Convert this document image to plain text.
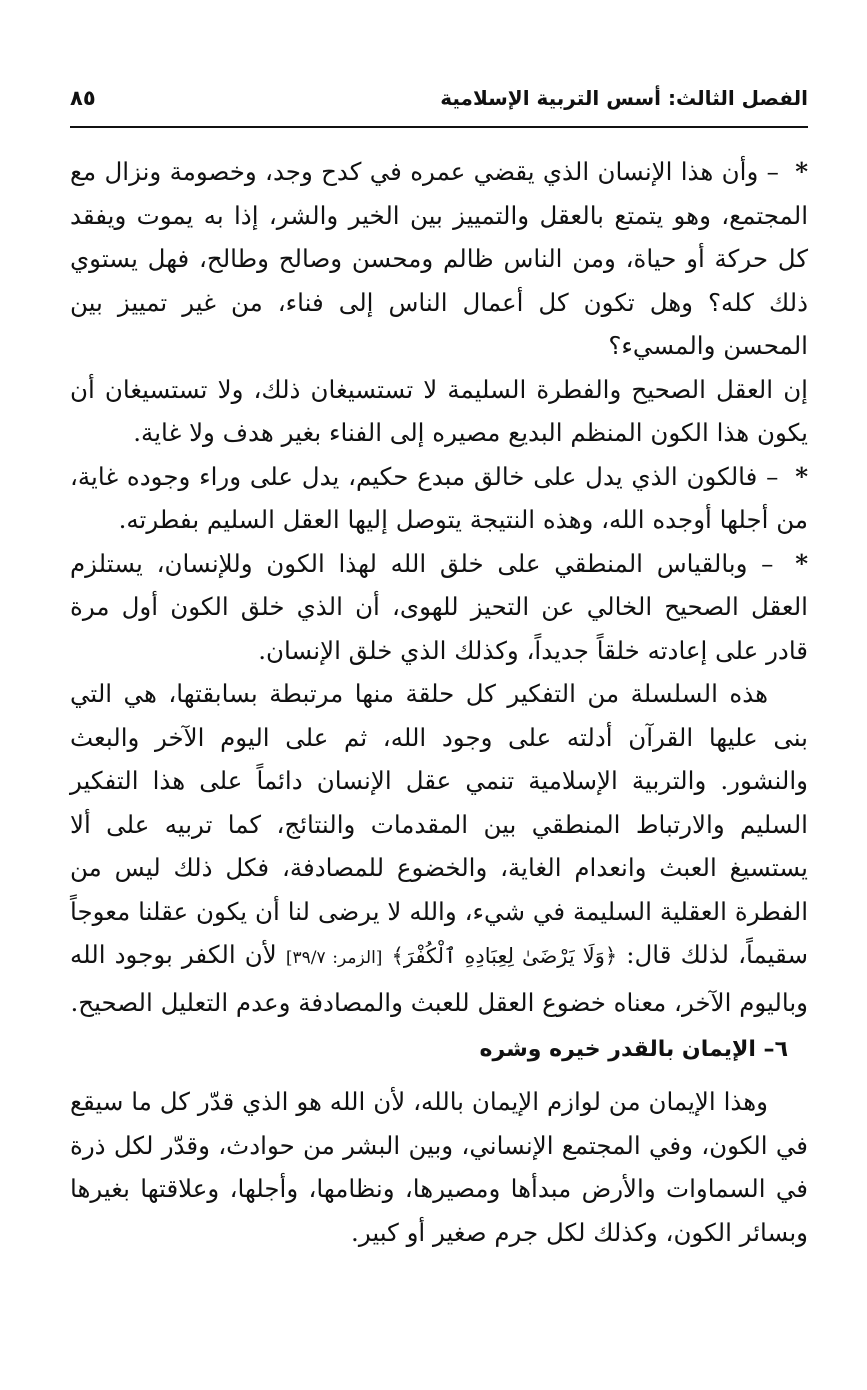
الفصل الثالث: أسس التربية الإسلامية
٨٥

* – وأن هذا الإنسان الذي يقضي عمره في كدح وجد، وخصومة ونزال مع المجتمع، وهو يتمتع بالعقل والتمييز بين الخير والشر، إذا به يموت ويفقد كل حركة أو حياة، ومن الناس ظالم ومحسن وصالح وطالح، فهل يستوي ذلك كله؟ وهل تكون كل أعمال الناس إلى فناء، من غير تمييز بين المحسن والمسيء؟

إن العقل الصحيح والفطرة السليمة لا تستسيغان ذلك، ولا تستسيغان أن يكون هذا الكون المنظم البديع مصيره إلى الفناء بغير هدف ولا غاية.

* – فالكون الذي يدل على خالق مبدع حكيم، يدل على وراء وجوده غاية، من أجلها أوجده الله، وهذه النتيجة يتوصل إليها العقل السليم بفطرته.

* – وبالقياس المنطقي على خلق الله لهذا الكون وللإنسان، يستلزم العقل الصحيح الخالي عن التحيز للهوى، أن الذي خلق الكون أول مرة قادر على إعادته خلقاً جديداً، وكذلك الذي خلق الإنسان.

هذه السلسلة من التفكير كل حلقة منها مرتبطة بسابقتها، هي التي بنى عليها القرآن أدلته على وجود الله، ثم على اليوم الآخر والبعث والنشور. والتربية الإسلامية تنمي عقل الإنسان دائماً على هذا التفكير السليم والارتباط المنطقي بين المقدمات والنتائج، كما تربيه على ألا يستسيغ العبث وانعدام الغاية، والخضوع للمصادفة، فكل ذلك ليس من الفطرة العقلية السليمة في شيء، والله لا يرضى لنا أن يكون عقلنا معوجاً سقيماً، لذلك قال: ﴿وَلَا يَرْضَىٰ لِعِبَادِهِ ٱلْكُفْرَ﴾ [الزمر: ٣٩/٧] لأن الكفر بوجود الله وباليوم الآخر، معناه خضوع العقل للعبث والمصادفة وعدم التعليل الصحيح.

٦– الإيمان بالقدر خيره وشره

وهذا الإيمان من لوازم الإيمان بالله، لأن الله هو الذي قدّر كل ما سيقع في الكون، وفي المجتمع الإنساني، وبين البشر من حوادث، وقدّر لكل ذرة في السماوات والأرض مبدأها ومصيرها، ونظامها، وأجلها، وعلاقتها بغيرها وبسائر الكون، وكذلك لكل جرم صغير أو كبير.
